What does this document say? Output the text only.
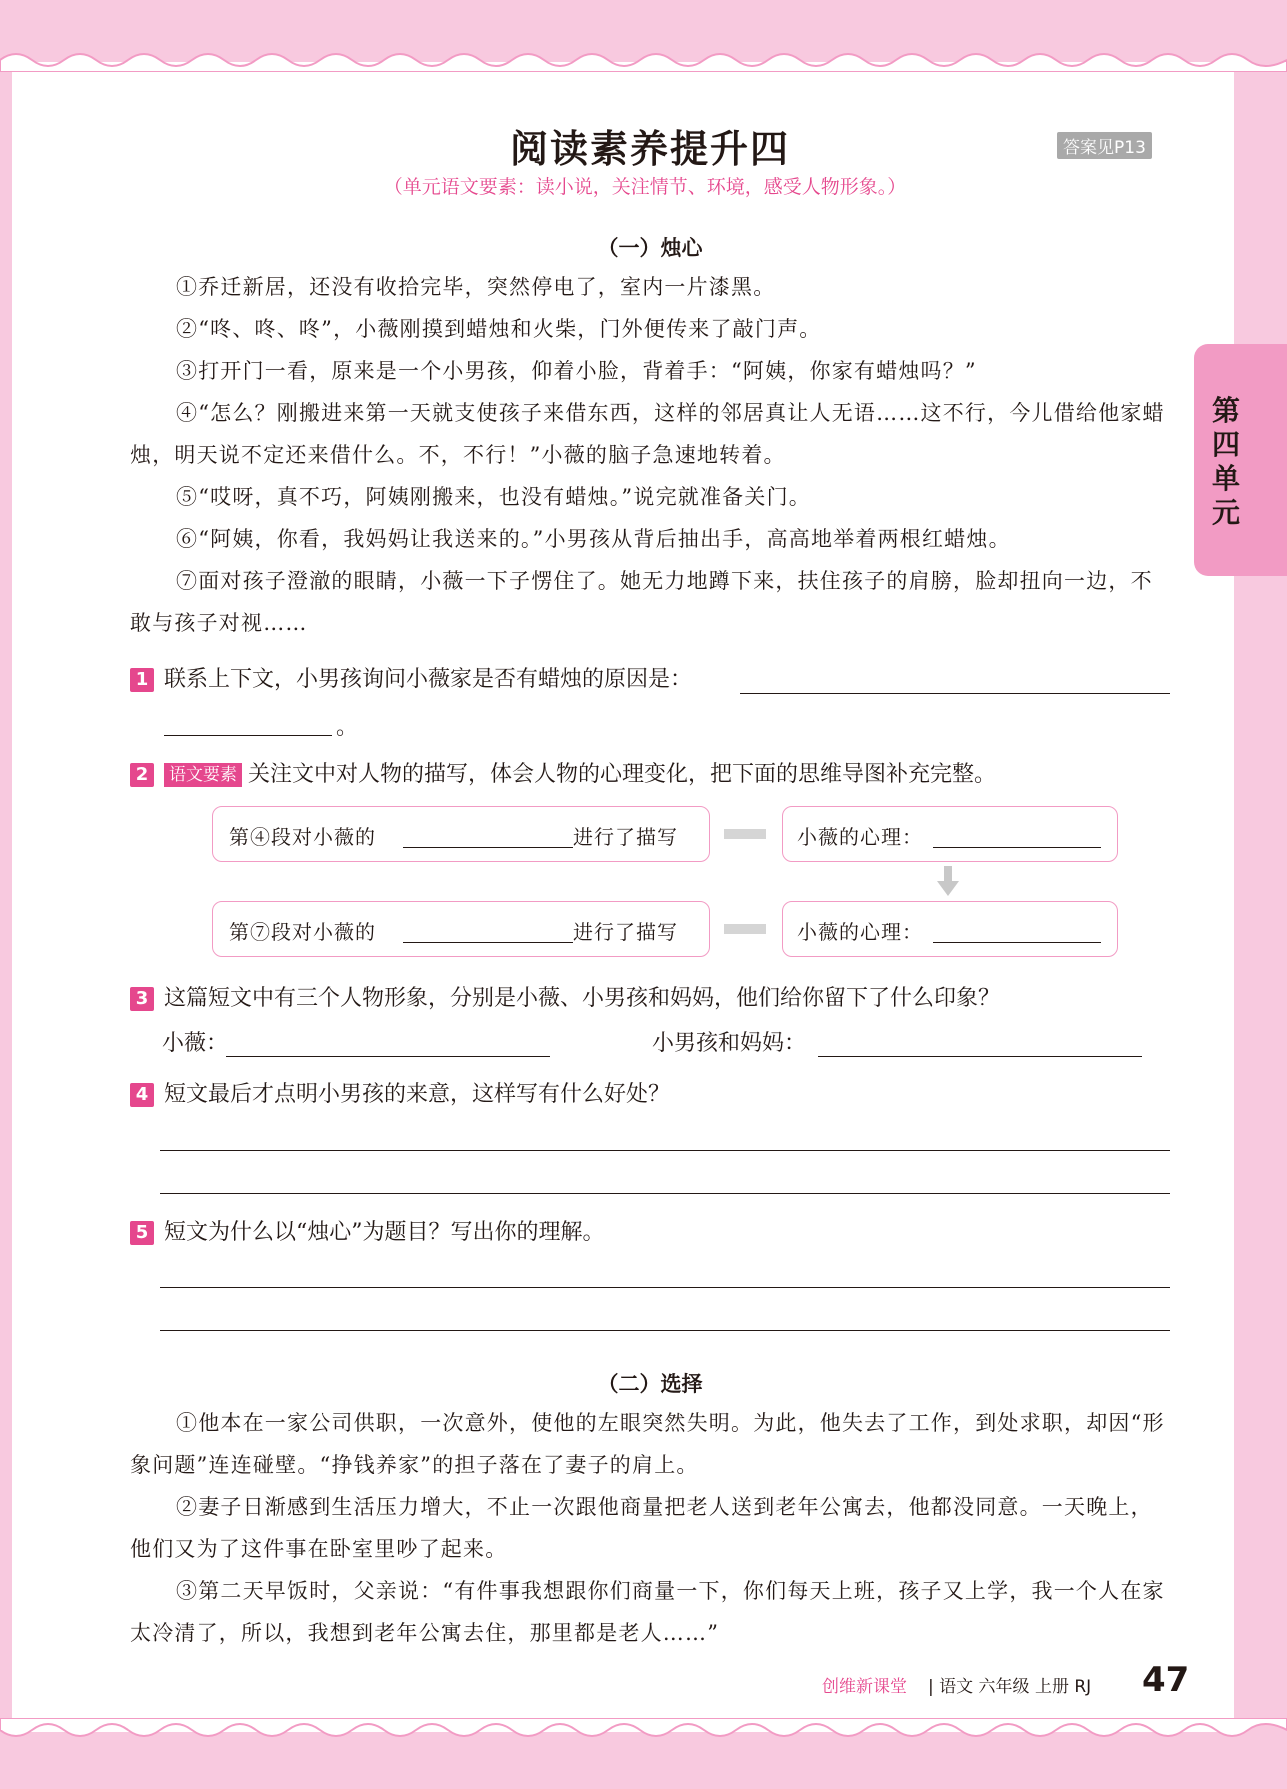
阅读素养提升四	答案见P13
（单元语文要素：读小说，关注情节、环境，感受人物形象。）
第四单元
（一）烛心
①乔迁新居，还没有收拾完毕，突然停电了，室内一片漆黑。
②“咚、咚、咚”，小薇刚摸到蜡烛和火柴，门外便传来了敲门声。
③打开门一看，原来是一个小男孩，仰着小脸，背着手：“阿姨，你家有蜡烛吗？”
④“怎么？刚搬进来第一天就支使孩子来借东西，这样的邻居真让人无语……这不行，今儿借给他家蜡烛，明天说不定还来借什么。不，不行！”小薇的脑子急速地转着。
⑤“哎呀，真不巧，阿姨刚搬来，也没有蜡烛。”说完就准备关门。
⑥“阿姨，你看，我妈妈让我送来的。”小男孩从背后抽出手，高高地举着两根红蜡烛。
⑦面对孩子澄澈的眼睛，小薇一下子愣住了。她无力地蹲下来，扶住孩子的肩膀，脸却扭向一边，不敢与孩子对视……
1 联系上下文，小男孩询问小薇家是否有蜡烛的原因是：
。
2	语文要素 关注文中对人物的描写，体会人物的心理变化，把下面的思维导图补充完整。
第④段对小薇的	进行了描写	小薇的心理：
第⑦段对小薇的	进行了描写	小薇的心理：
3 这篇短文中有三个人物形象，分别是小薇、小男孩和妈妈，他们给你留下了什么印象？
小薇：	小男孩和妈妈：
4 短文最后才点明小男孩的来意，这样写有什么好处？
5 短文为什么以“烛心”为题目？写出你的理解。
（二）选择
①他本在一家公司供职，一次意外，使他的左眼突然失明。为此，他失去了工作，到处求职，却因“形象问题”连连碰壁。“挣钱养家”的担子落在了妻子的肩上。
②妻子日渐感到生活压力增大，不止一次跟他商量把老人送到老年公寓去，他都没同意。一天晚上，他们又为了这件事在卧室里吵了起来。
③第二天早饭时，父亲说：“有件事我想跟你们商量一下，你们每天上班，孩子又上学，我一个人在家太冷清了，所以，我想到老年公寓去住，那里都是老人……”
创维新课堂 | 语文 六年级 上册 RJ 47
